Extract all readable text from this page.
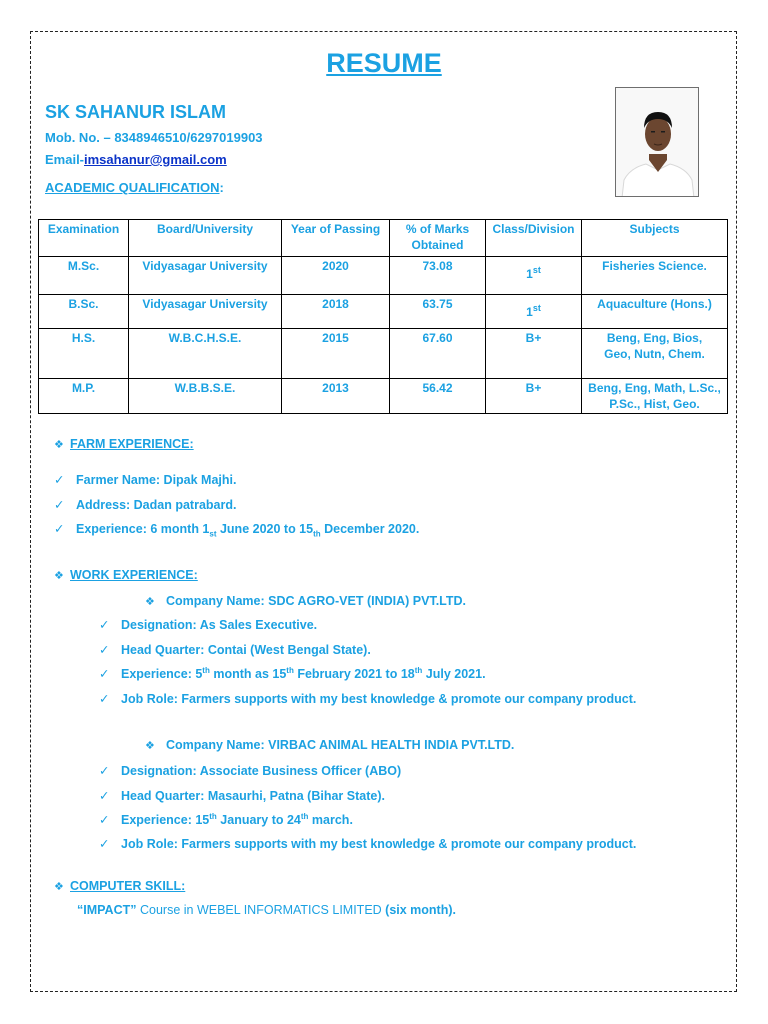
RESUME
SK SAHANUR ISLAM
Mob. No. – 8348946510/6297019903
Email-imsahanur@gmail.com
ACADEMIC QUALIFICATION:
Examination	Board/University	Year of Passing	% of Marks Obtained	Class/Division	Subjects
M.Sc.	Vidyasagar University	2020	73.08	1st	Fisheries Science.
B.Sc.	Vidyasagar University	2018	63.75	1st	Aquaculture (Hons.)
H.S.	W.B.C.H.S.E.	2015	67.60	B+	Beng, Eng, Bios, Geo, Nutn, Chem.
M.P.	W.B.B.S.E.	2013	56.42	B+	Beng, Eng, Math, L.Sc., P.Sc., Hist, Geo.
❖ FARM EXPERIENCE:
✓ Farmer Name: Dipak Majhi.
✓ Address: Dadan patrabard.
✓ Experience: 6 month $1_{st}$ June 2020 to $15_{th}$ December 2020.
❖ WORK EXPERIENCE:
❖ Company Name: SDC AGRO-VET (INDIA) PVT.LTD.
✓ Designation: As Sales Executive.
✓ Head Quarter: Contai (West Bengal State).
✓ Experience: 5th month as 15th February 2021 to 18th July 2021.
✓ Job Role: Farmers supports with my best knowledge & promote our company product.
❖ Company Name: VIRBAC ANIMAL HEALTH INDIA PVT.LTD.
✓ Designation: Associate Business Officer (ABO)
✓ Head Quarter: Masaurhi, Patna (Bihar State).
✓ Experience: 15th January to 24th march.
✓ Job Role: Farmers supports with my best knowledge & promote our company product.
❖ COMPUTER SKILL:
“IMPACT” Course in WEBEL INFORMATICS LIMITED (six month).
